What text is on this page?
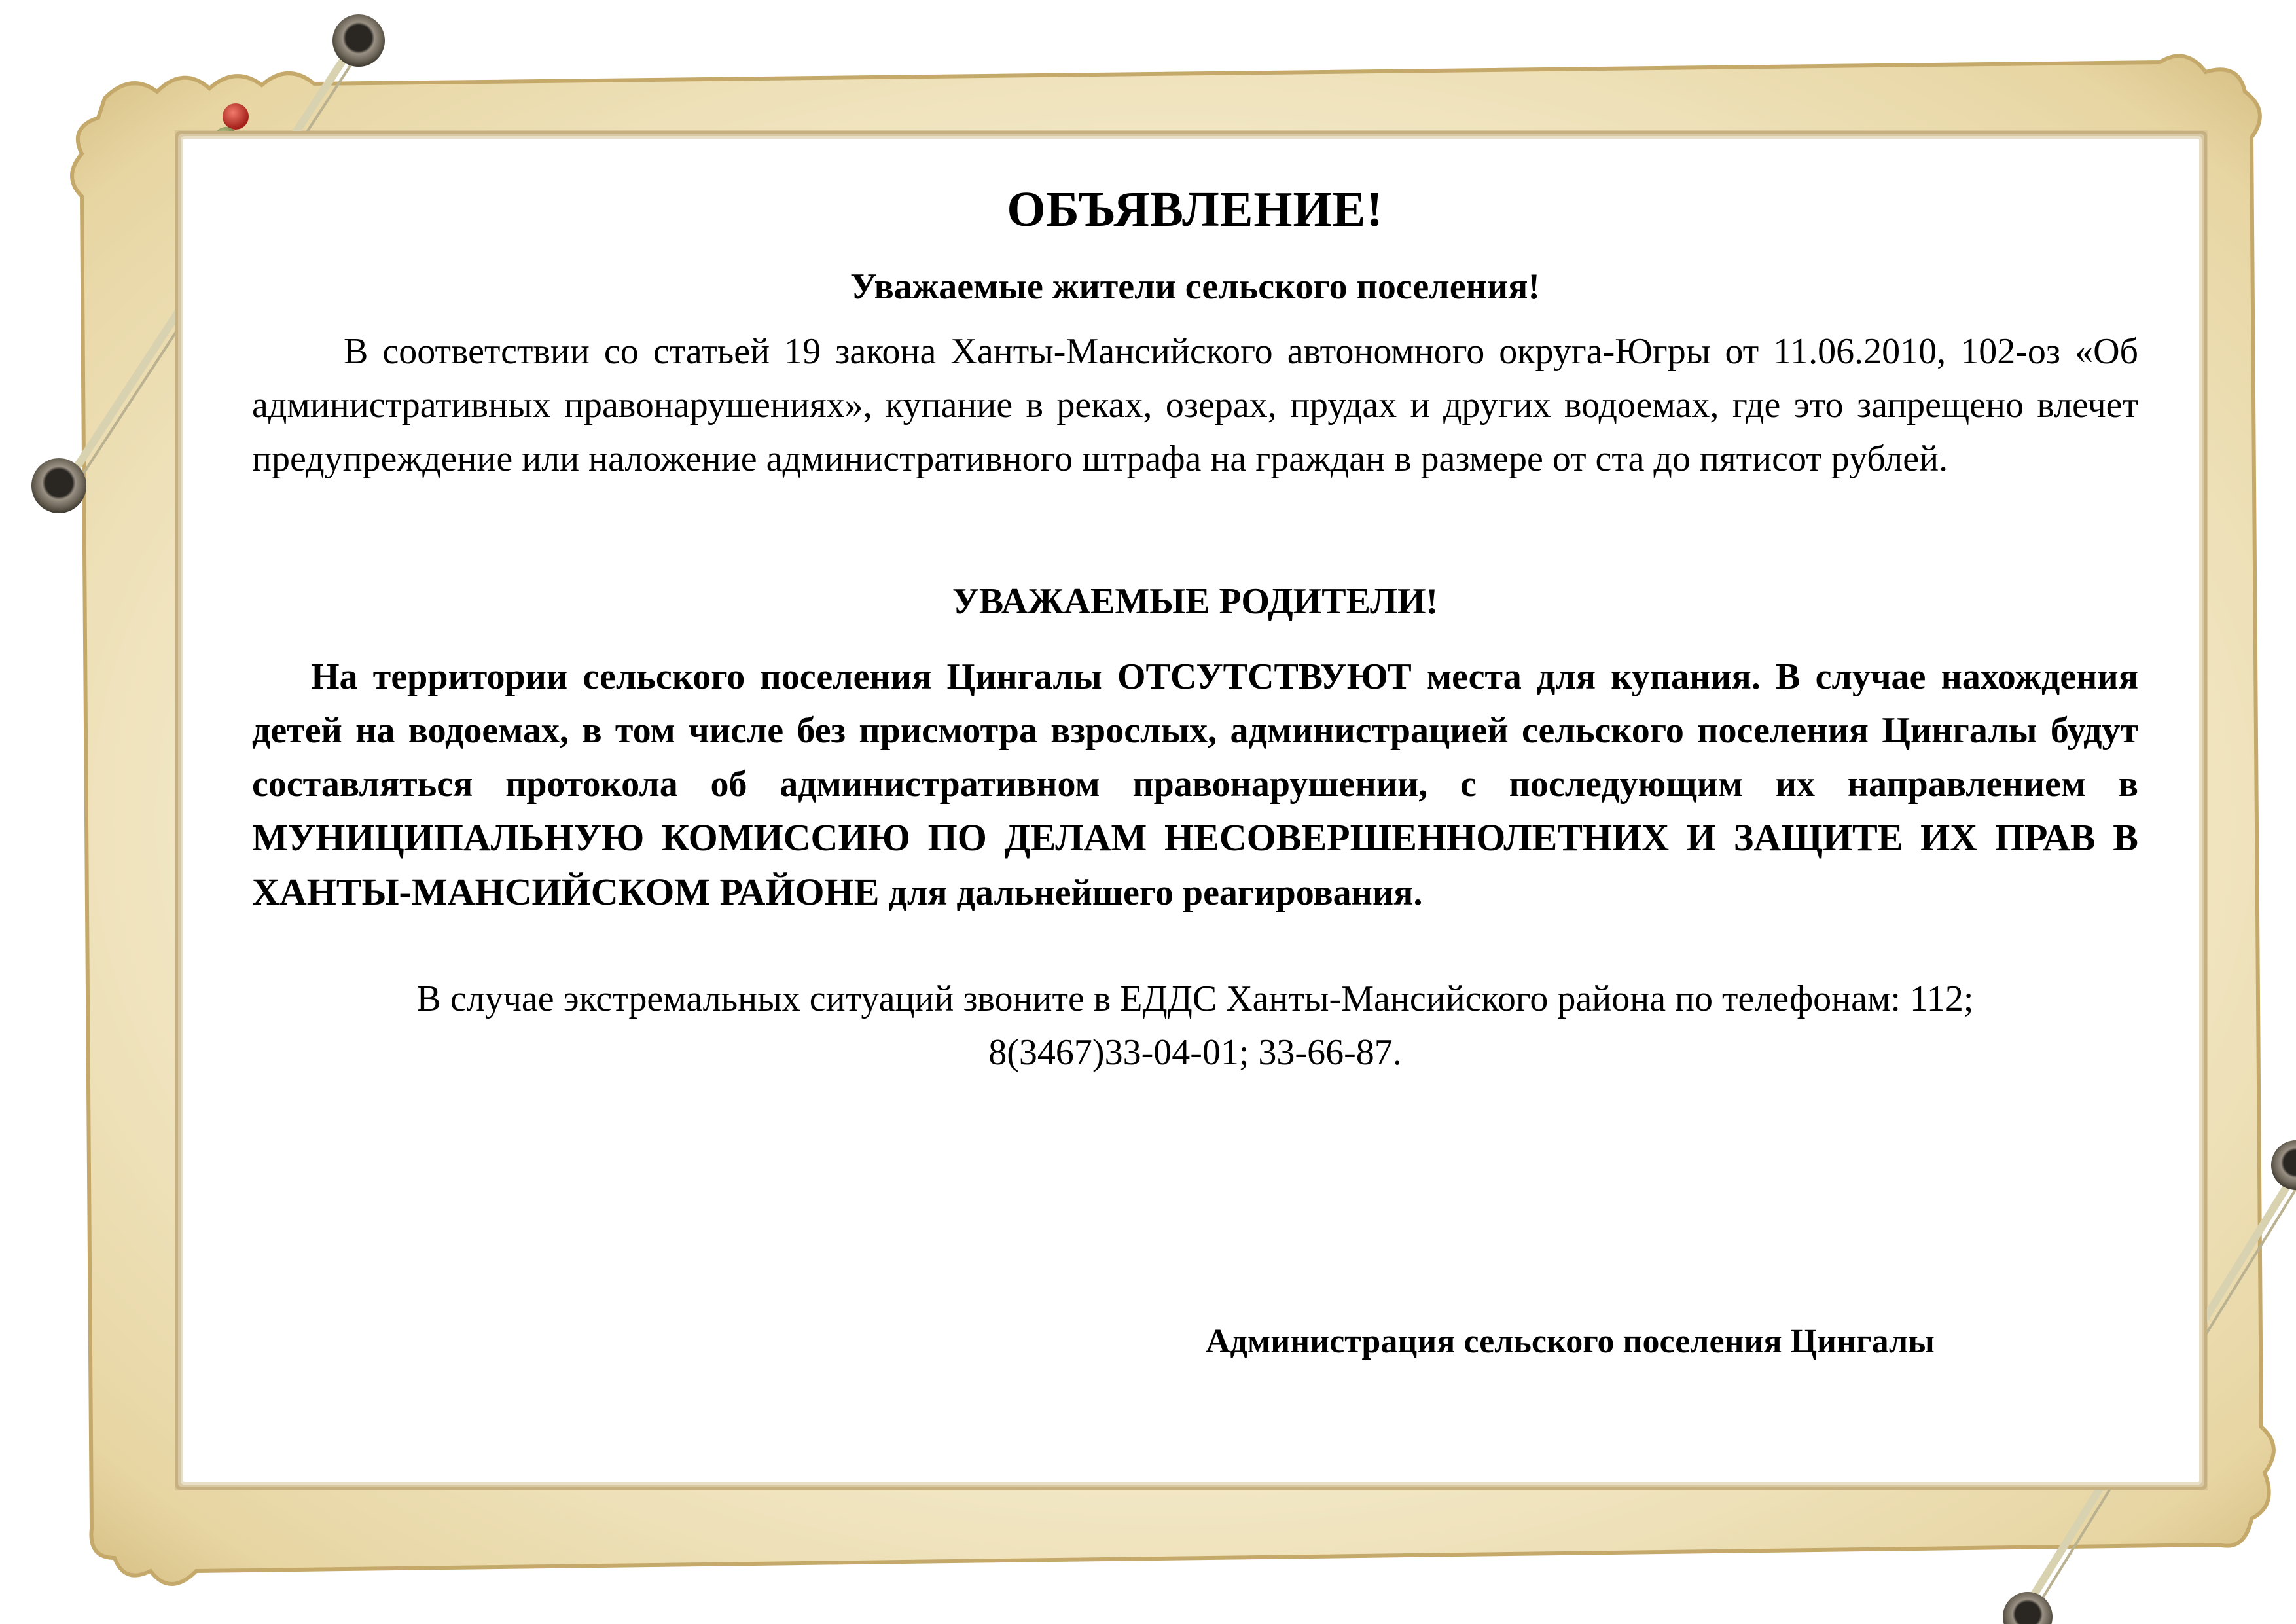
ОБЪЯВЛЕНИЕ!
Уважаемые жители сельского поселения!

В соответствии со статьей 19 закона Ханты-Мансийского автономного округа-Югры от 11.06.2010, 102-оз «Об административных правонарушениях», купание в реках, озерах, прудах и других водоемах, где это запрещено влечет предупреждение или наложение административного штрафа на граждан в размере от ста до пятисот рублей.

УВАЖАЕМЫЕ РОДИТЕЛИ!

На территории сельского поселения Цингалы ОТСУТСТВУЮТ места для купания. В случае нахождения детей на водоемах, в том числе без присмотра взрослых, администрацией сельского поселения Цингалы будут составляться протокола об административном правонарушении, с последующим их направлением в МУНИЦИПАЛЬНУЮ КОМИССИЮ ПО ДЕЛАМ НЕСОВЕРШЕННОЛЕТНИХ И ЗАЩИТЕ ИХ ПРАВ В ХАНТЫ-МАНСИЙСКОМ РАЙОНЕ для дальнейшего реагирования.

В случае экстремальных ситуаций звоните в ЕДДС Ханты-Мансийского района по телефонам: 112;
8(3467)33-04-01; 33-66-87.
Администрация сельского поселения Цингалы
